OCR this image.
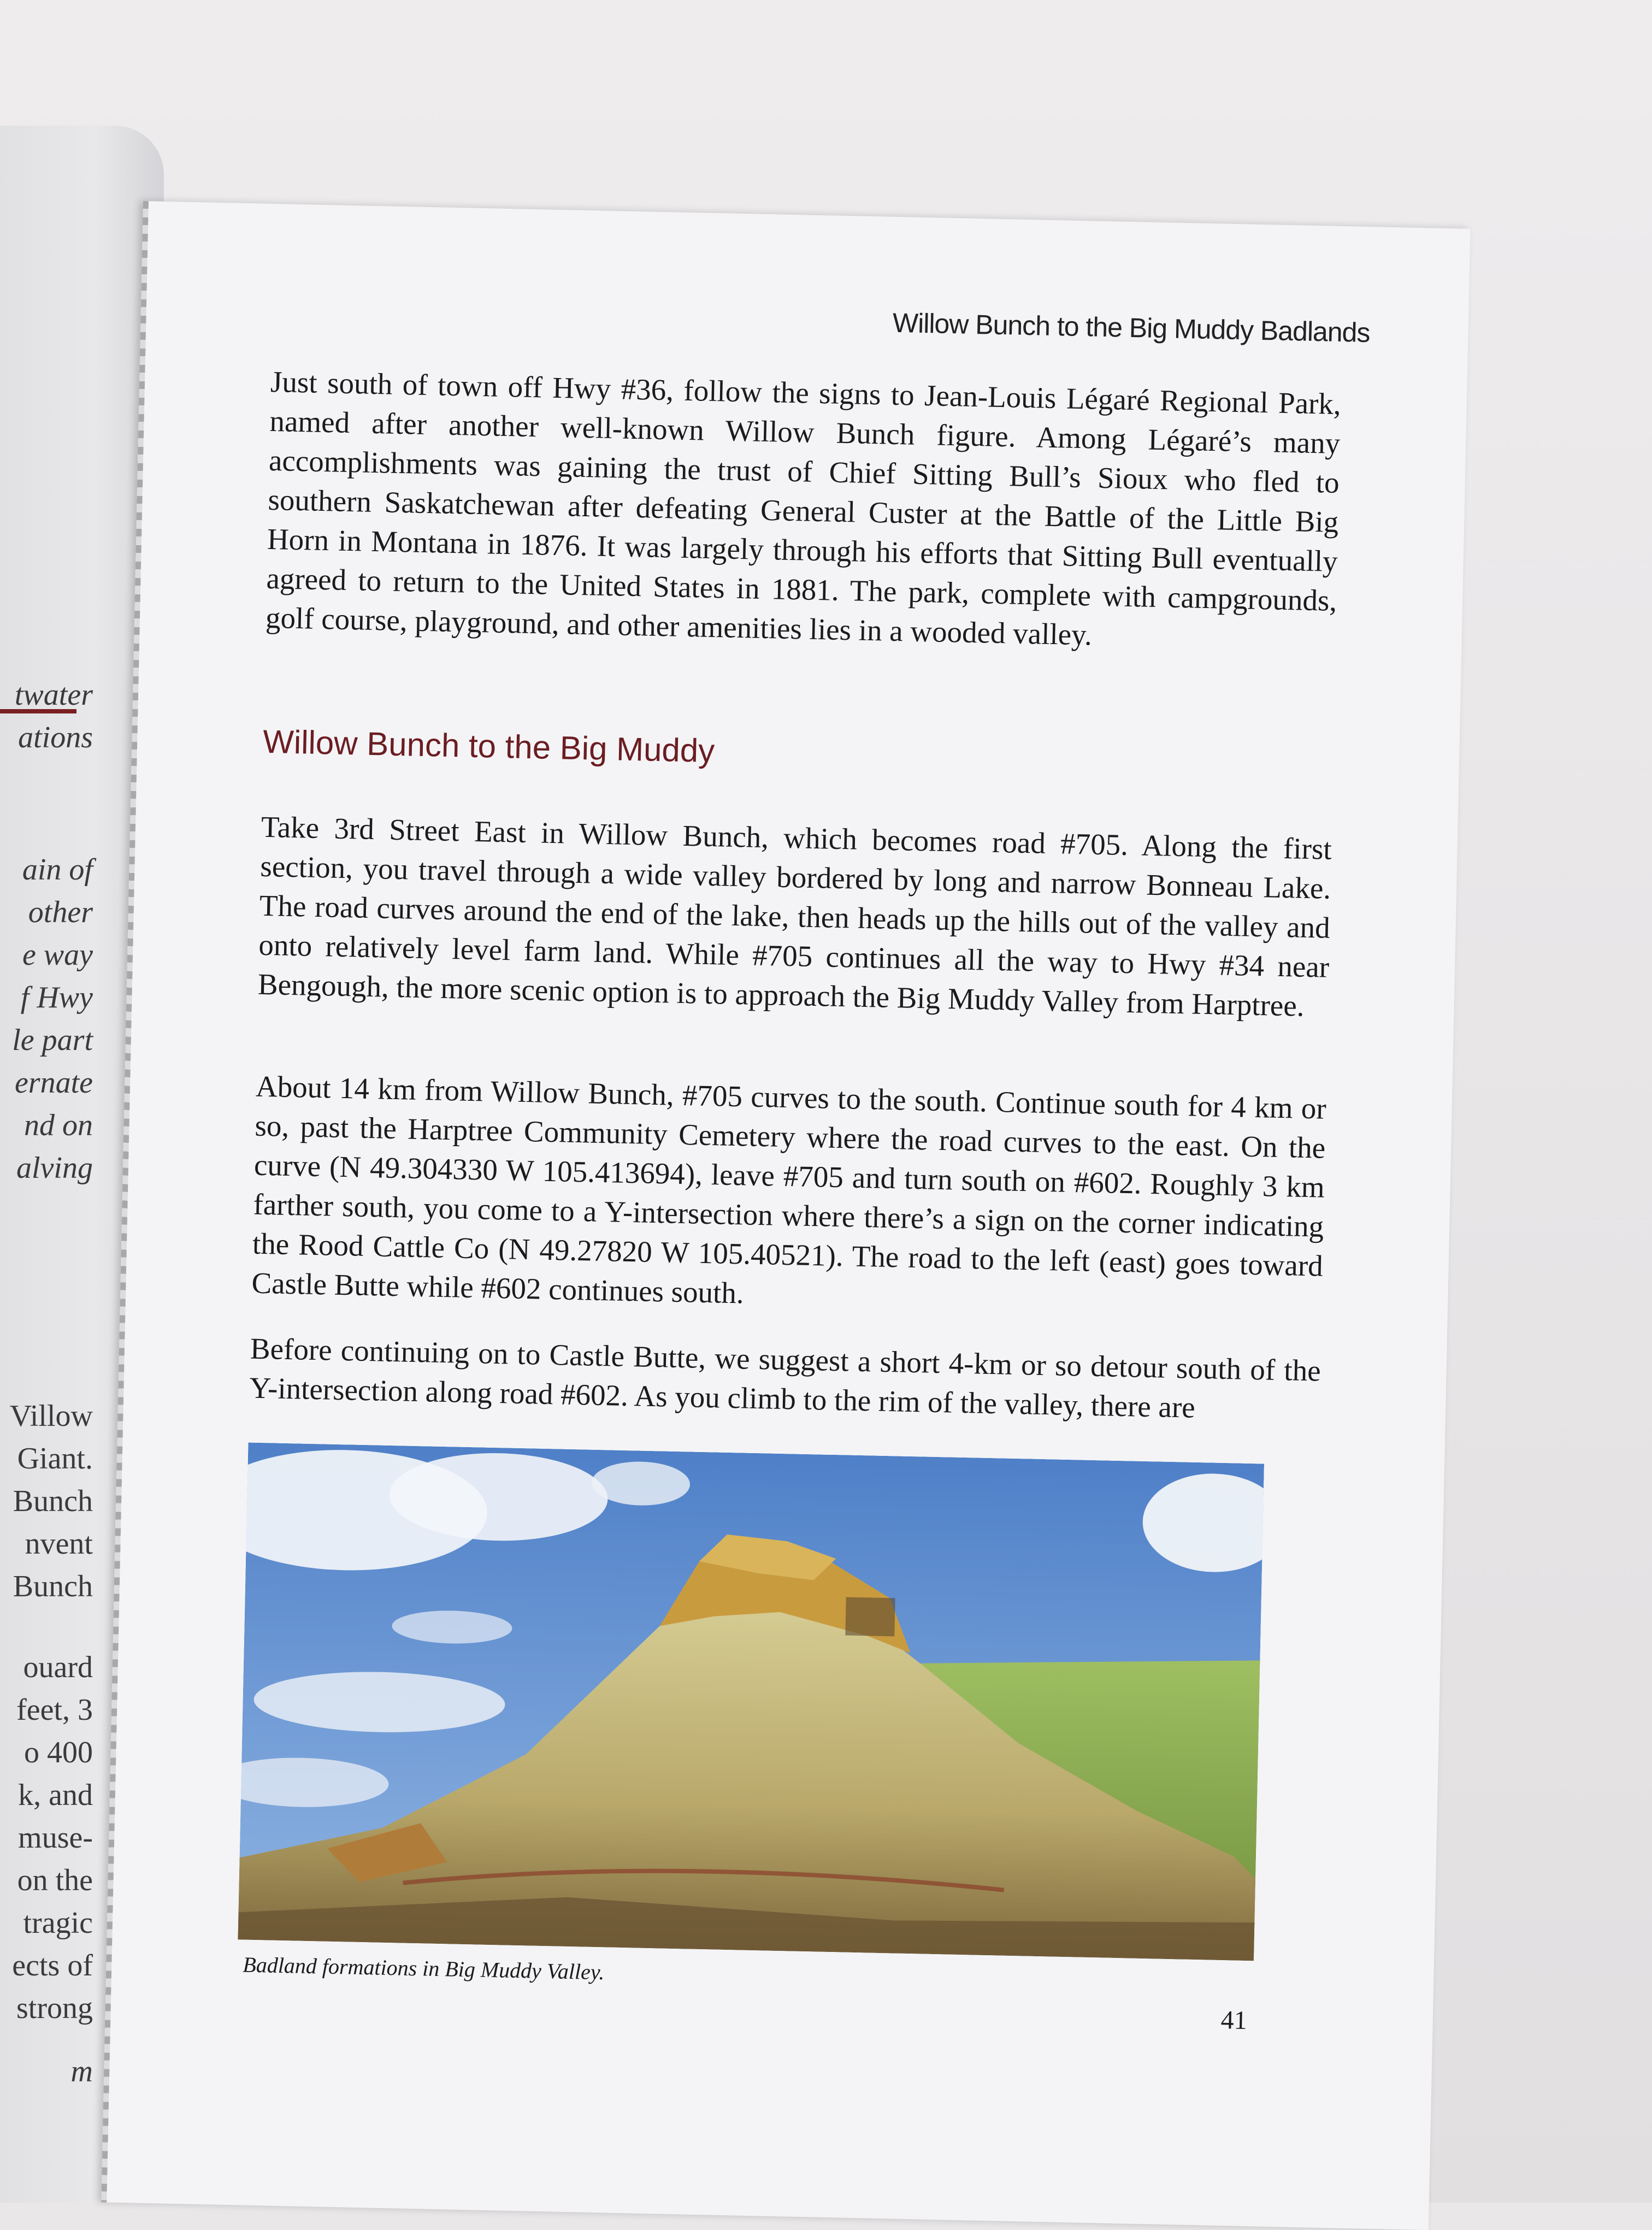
twater
ations
ain of
other
e way
f Hwy
le part
ernate
nd on
alving
Villow
Giant.
Bunch
nvent
Bunch
ouard
feet, 3
o 400
k, and
muse-
on the
tragic
ects of
strong
m
Willow Bunch to the Big Muddy Badlands

Just south of town off Hwy #36, follow the signs to Jean-Louis Légaré Regional Park, named after another well-known Willow Bunch figure. Among Légaré’s many accomplishments was gaining the trust of Chief Sitting Bull’s Sioux who fled to southern Saskatchewan after defeating General Custer at the Battle of the Little Big Horn in Montana in 1876. It was largely through his efforts that Sitting Bull eventually agreed to return to the United States in 1881. The park, complete with campgrounds, golf course, playground, and other amenities lies in a wooded valley.

Willow Bunch to the Big Muddy

Take 3rd Street East in Willow Bunch, which becomes road #705. Along the first section, you travel through a wide valley bordered by long and narrow Bonneau Lake. The road curves around the end of the lake, then heads up the hills out of the valley and onto relatively level farm land. While #705 continues all the way to Hwy #34 near Bengough, the more scenic option is to approach the Big Muddy Valley from Harptree.

About 14 km from Willow Bunch, #705 curves to the south. Continue south for 4 km or so, past the Harptree Community Cemetery where the road curves to the east. On the curve (N 49.304330 W 105.413694), leave #705 and turn south on #602. Roughly 3 km farther south, you come to a Y-intersection where there’s a sign on the corner indicating the Rood Cattle Co (N 49.27820 W 105.40521). The road to the left (east) goes toward Castle Butte while #602 continues south.

Before continuing on to Castle Butte, we suggest a short 4-km or so detour south of the Y-intersection along road #602. As you climb to the rim of the valley, there are

Badland formations in Big Muddy Valley.

41
